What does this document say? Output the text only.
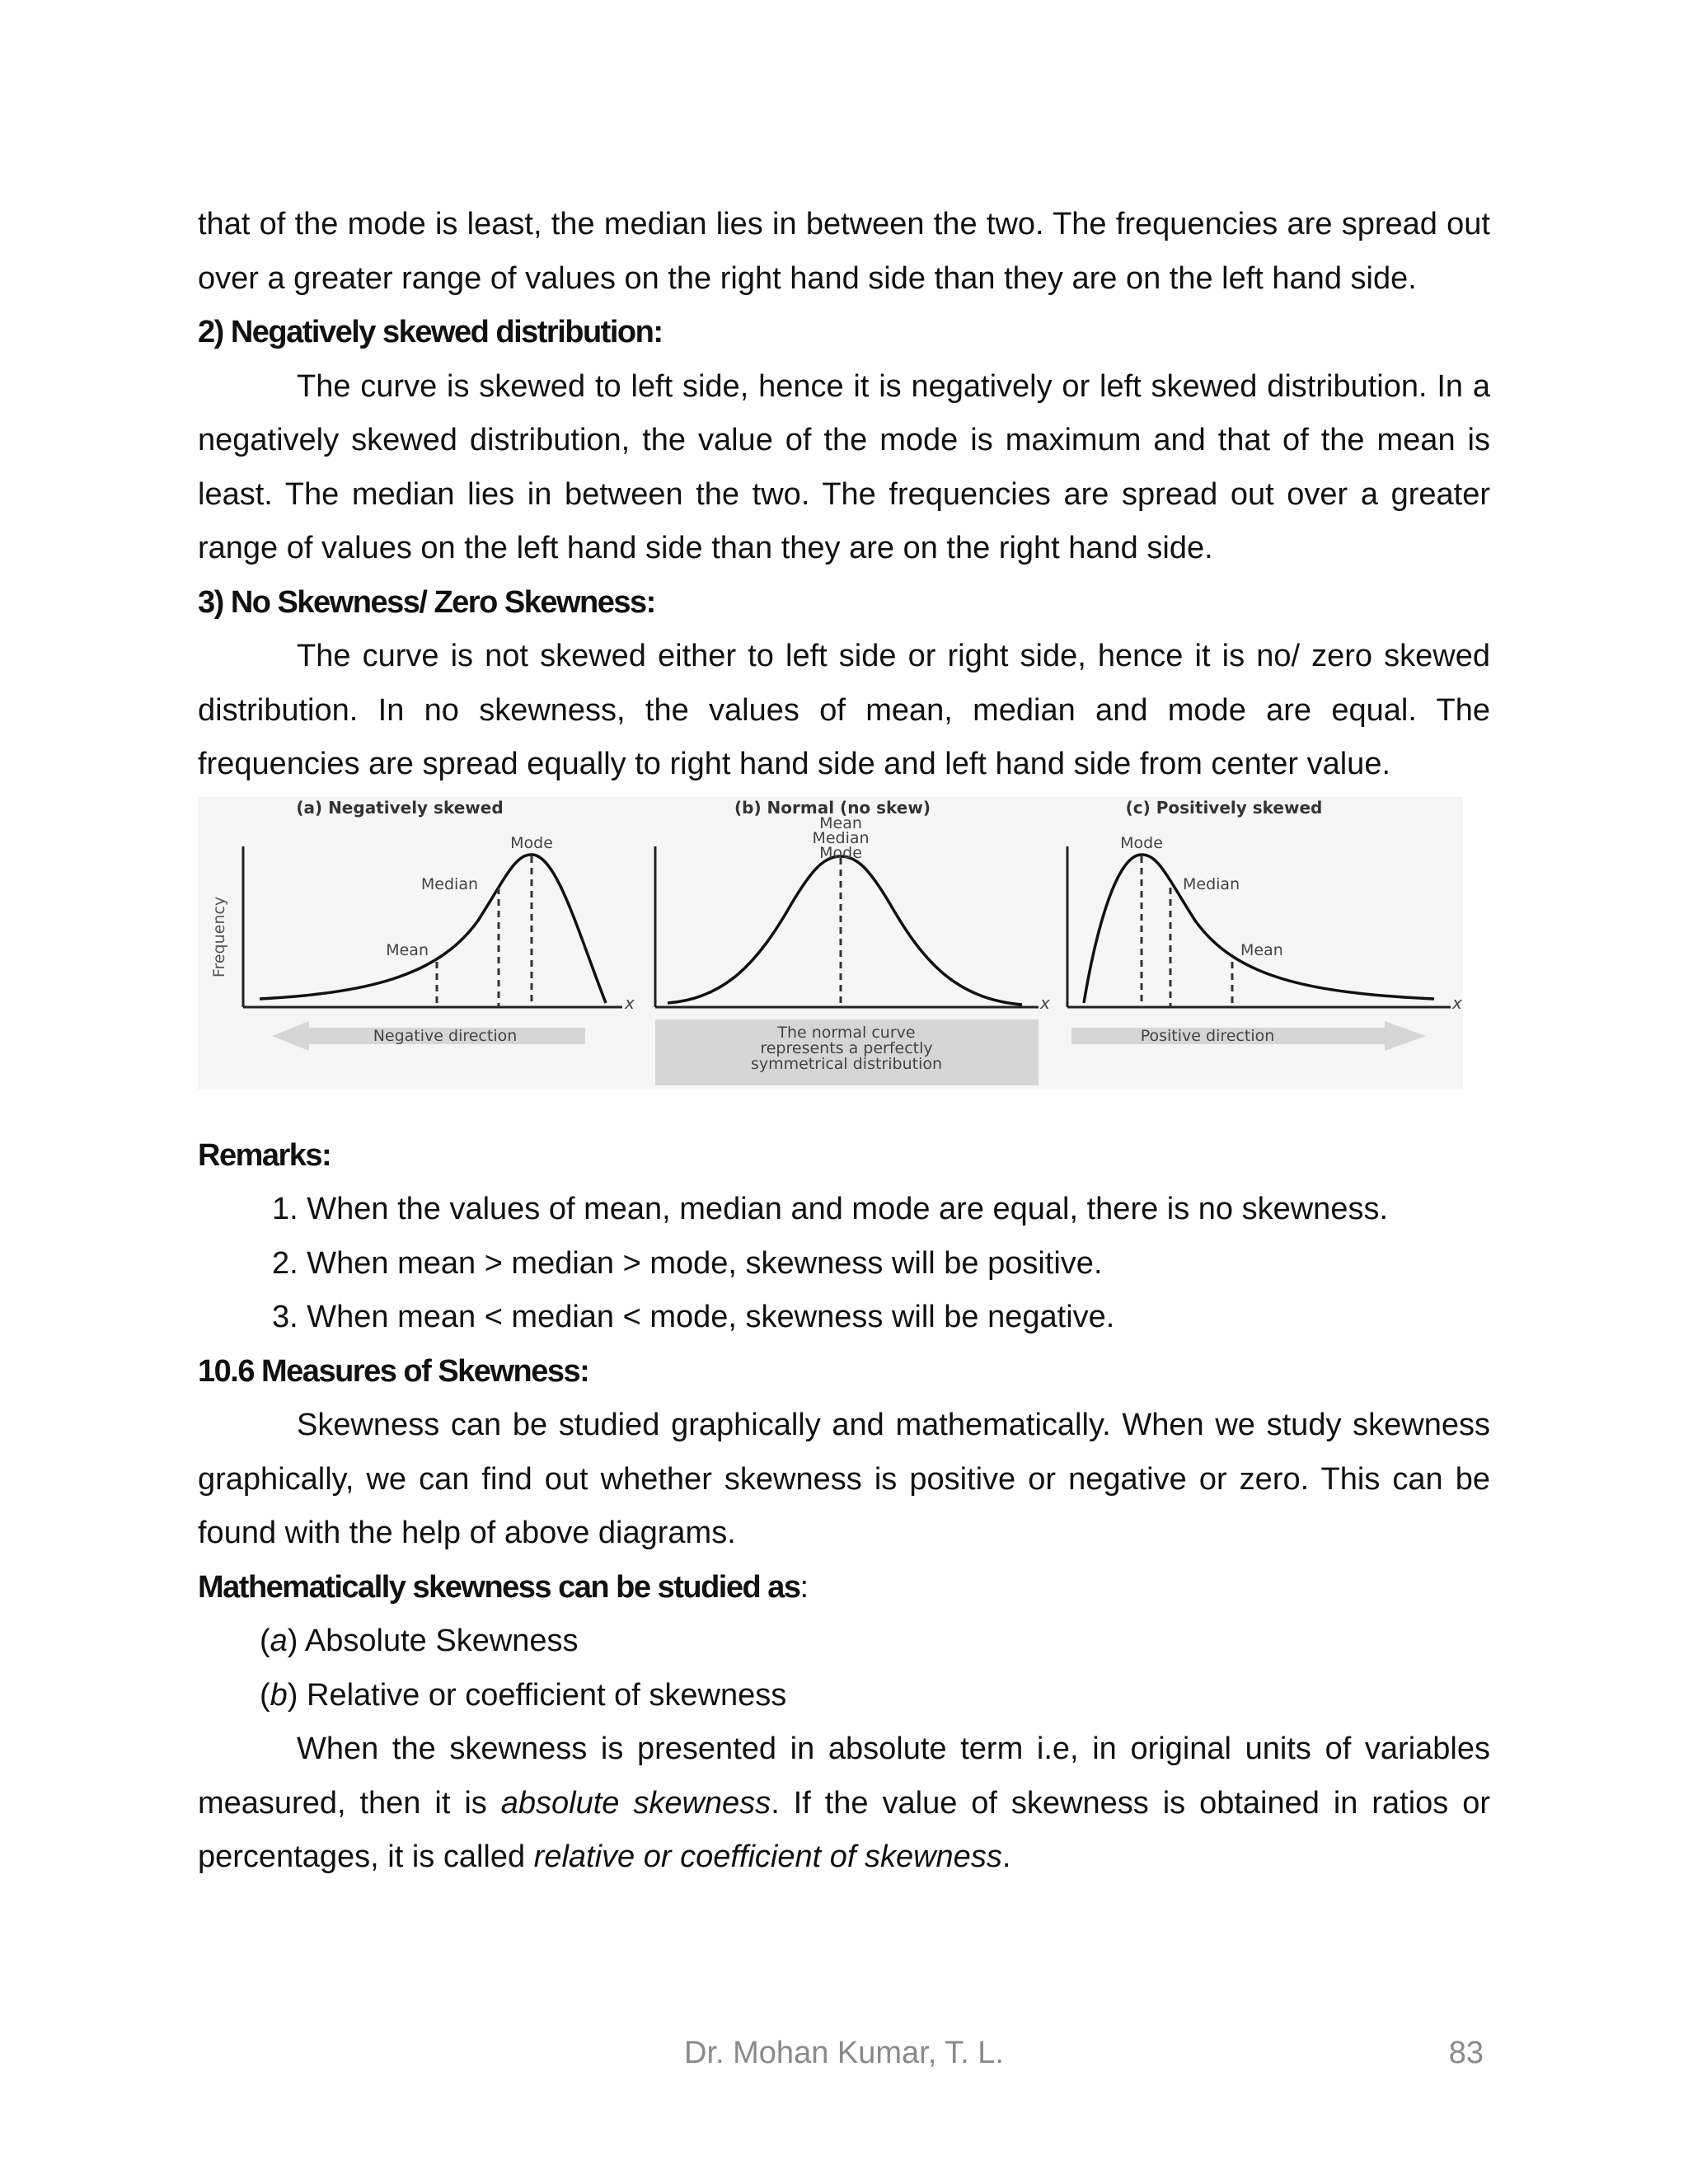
that of the mode is least, the median lies in between the two. The frequencies are spread out over a greater range of values on the right hand side than they are on the left hand side.

2) Negatively skewed distribution:

The curve is skewed to left side, hence it is negatively or left skewed distribution. In a negatively skewed distribution, the value of the mode is maximum and that of the mean is least. The median lies in between the two. The frequencies are spread out over a greater range of values on the left hand side than they are on the right hand side.

3) No Skewness/ Zero Skewness:

The curve is not skewed either to left side or right side, hence it is no/ zero skewed distribution. In no skewness, the values of mean, median and mode are equal. The frequencies are spread equally to right hand side and left hand side from center value.

Frequency
(a) Negatively skewed
x
Mode
Median
Mean
Negative direction
(b) Normal (no skew)
x
Mean
Median
Mode
The normal curve
represents a perfectly
symmetrical distribution
(c) Positively skewed
x
Mode
Median
Mean
Positive direction

Remarks:

1. When the values of mean, median and mode are equal, there is no skewness.

2. When mean > median > mode, skewness will be positive.

3. When mean < median < mode, skewness will be negative.

10.6 Measures of Skewness:

Skewness can be studied graphically and mathematically. When we study skewness graphically, we can find out whether skewness is positive or negative or zero. This can be found with the help of above diagrams.

Mathematically skewness can be studied as:

(a) Absolute Skewness

(b) Relative or coefficient of skewness

When the skewness is presented in absolute term i.e, in original units of variables measured, then it is absolute skewness. If the value of skewness is obtained in ratios or percentages, it is called relative or coefficient of skewness.

Dr. Mohan Kumar, T. L.	83
